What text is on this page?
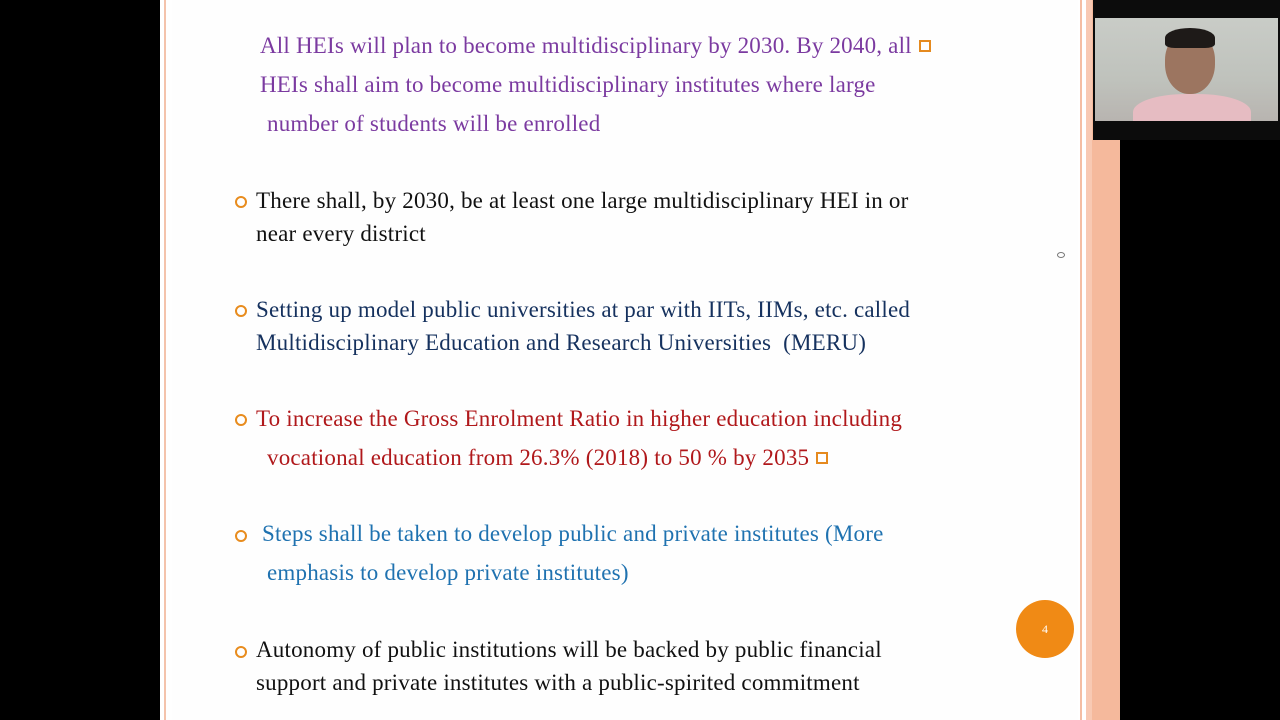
All HEIs will plan to become multidisciplinary by 2030. By 2040, all
HEIs shall aim to become multidisciplinary institutes where large
number of students will be enrolled
There shall, by 2030, be at least one large multidisciplinary HEI in or
near every district
Setting up model public universities at par with IITs, IIMs, etc. called
Multidisciplinary Education and Research Universities  (MERU)
To increase the Gross Enrolment Ratio in higher education including
vocational education from 26.3% (2018) to 50 % by 2035
Steps shall be taken to develop public and private institutes (More
emphasis to develop private institutes)
Autonomy of public institutions will be backed by public financial
support and private institutes with a public-spirited commitment
4
